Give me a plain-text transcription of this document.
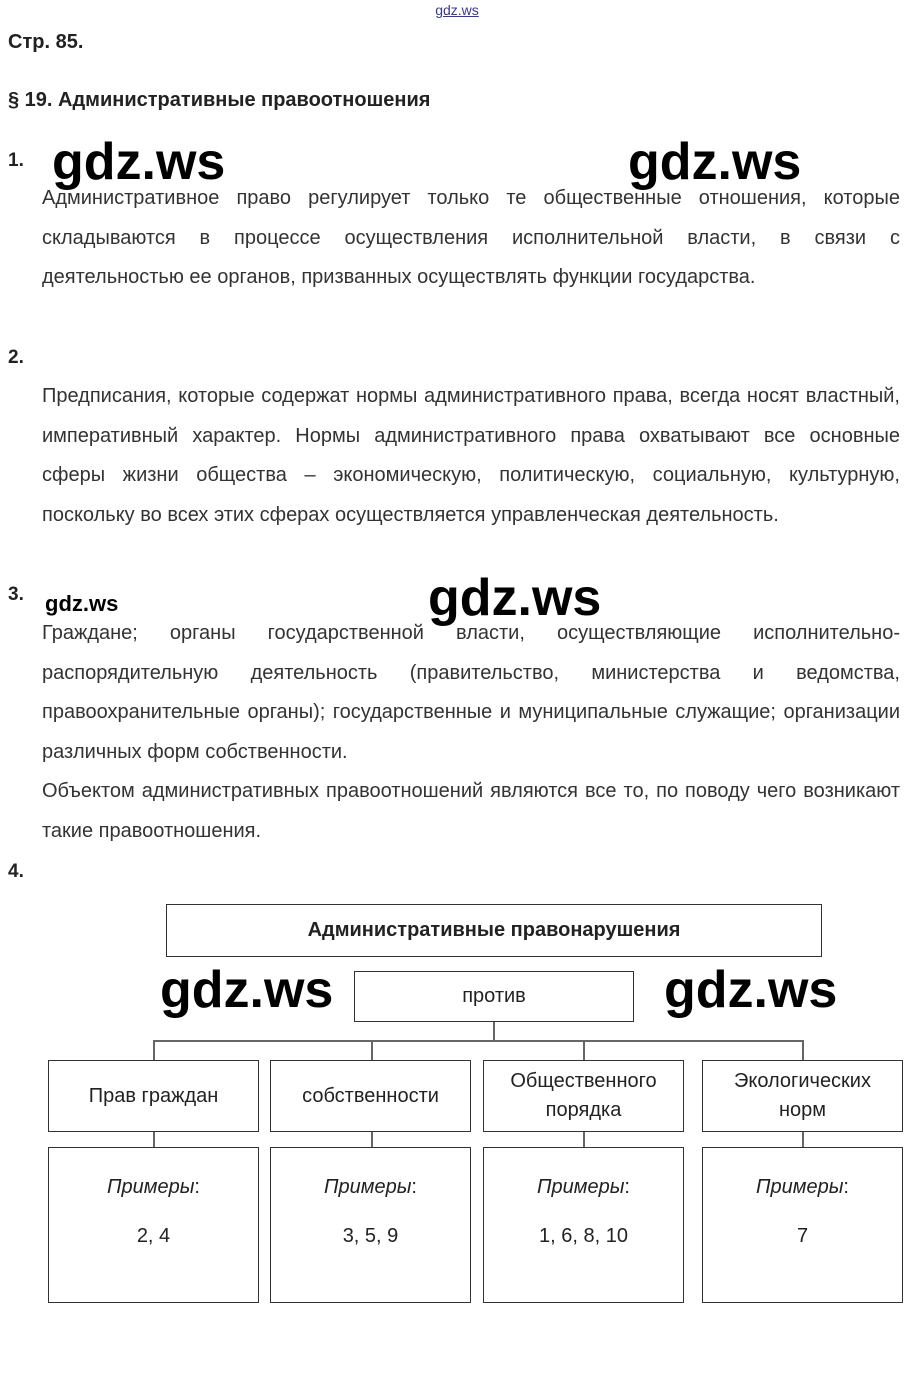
gdz.ws
Стр. 85.
§ 19. Административные правоотношения
1.
Административное право регулирует только те общественные отношения, которые складываются в процессе осуществления исполнительной власти, в связи с деятельностью ее органов, призванных осуществлять функции государства.
2.
Предписания, которые содержат нормы административного права, всегда носят властный, императивный характер. Нормы административного права охватывают все основные сферы жизни общества – экономическую, политическую, социальную, культурную, поскольку во всех этих сферах осуществляется управленческая деятельность.
3.
Граждане; органы государственной власти, осуществляющие исполнительно-распорядительную деятельность (правительство, министерства и ведомства, правоохранительные органы); государственные и муниципальные служащие; организации различных форм собственности.
Объектом административных правоотношений являются все то, по поводу чего возникают такие правоотношения.
4.
Административные правонарушения
против
Прав граждан	собственности
Общественного порядка
Экологических норм
Примеры:
2, 4
Примеры:
3, 5, 9
Примеры:
1, 6, 8, 10
Примеры:
7
gdz.ws	gdz.ws
gdz.ws	gdz.ws
gdz.ws	gdz.ws
